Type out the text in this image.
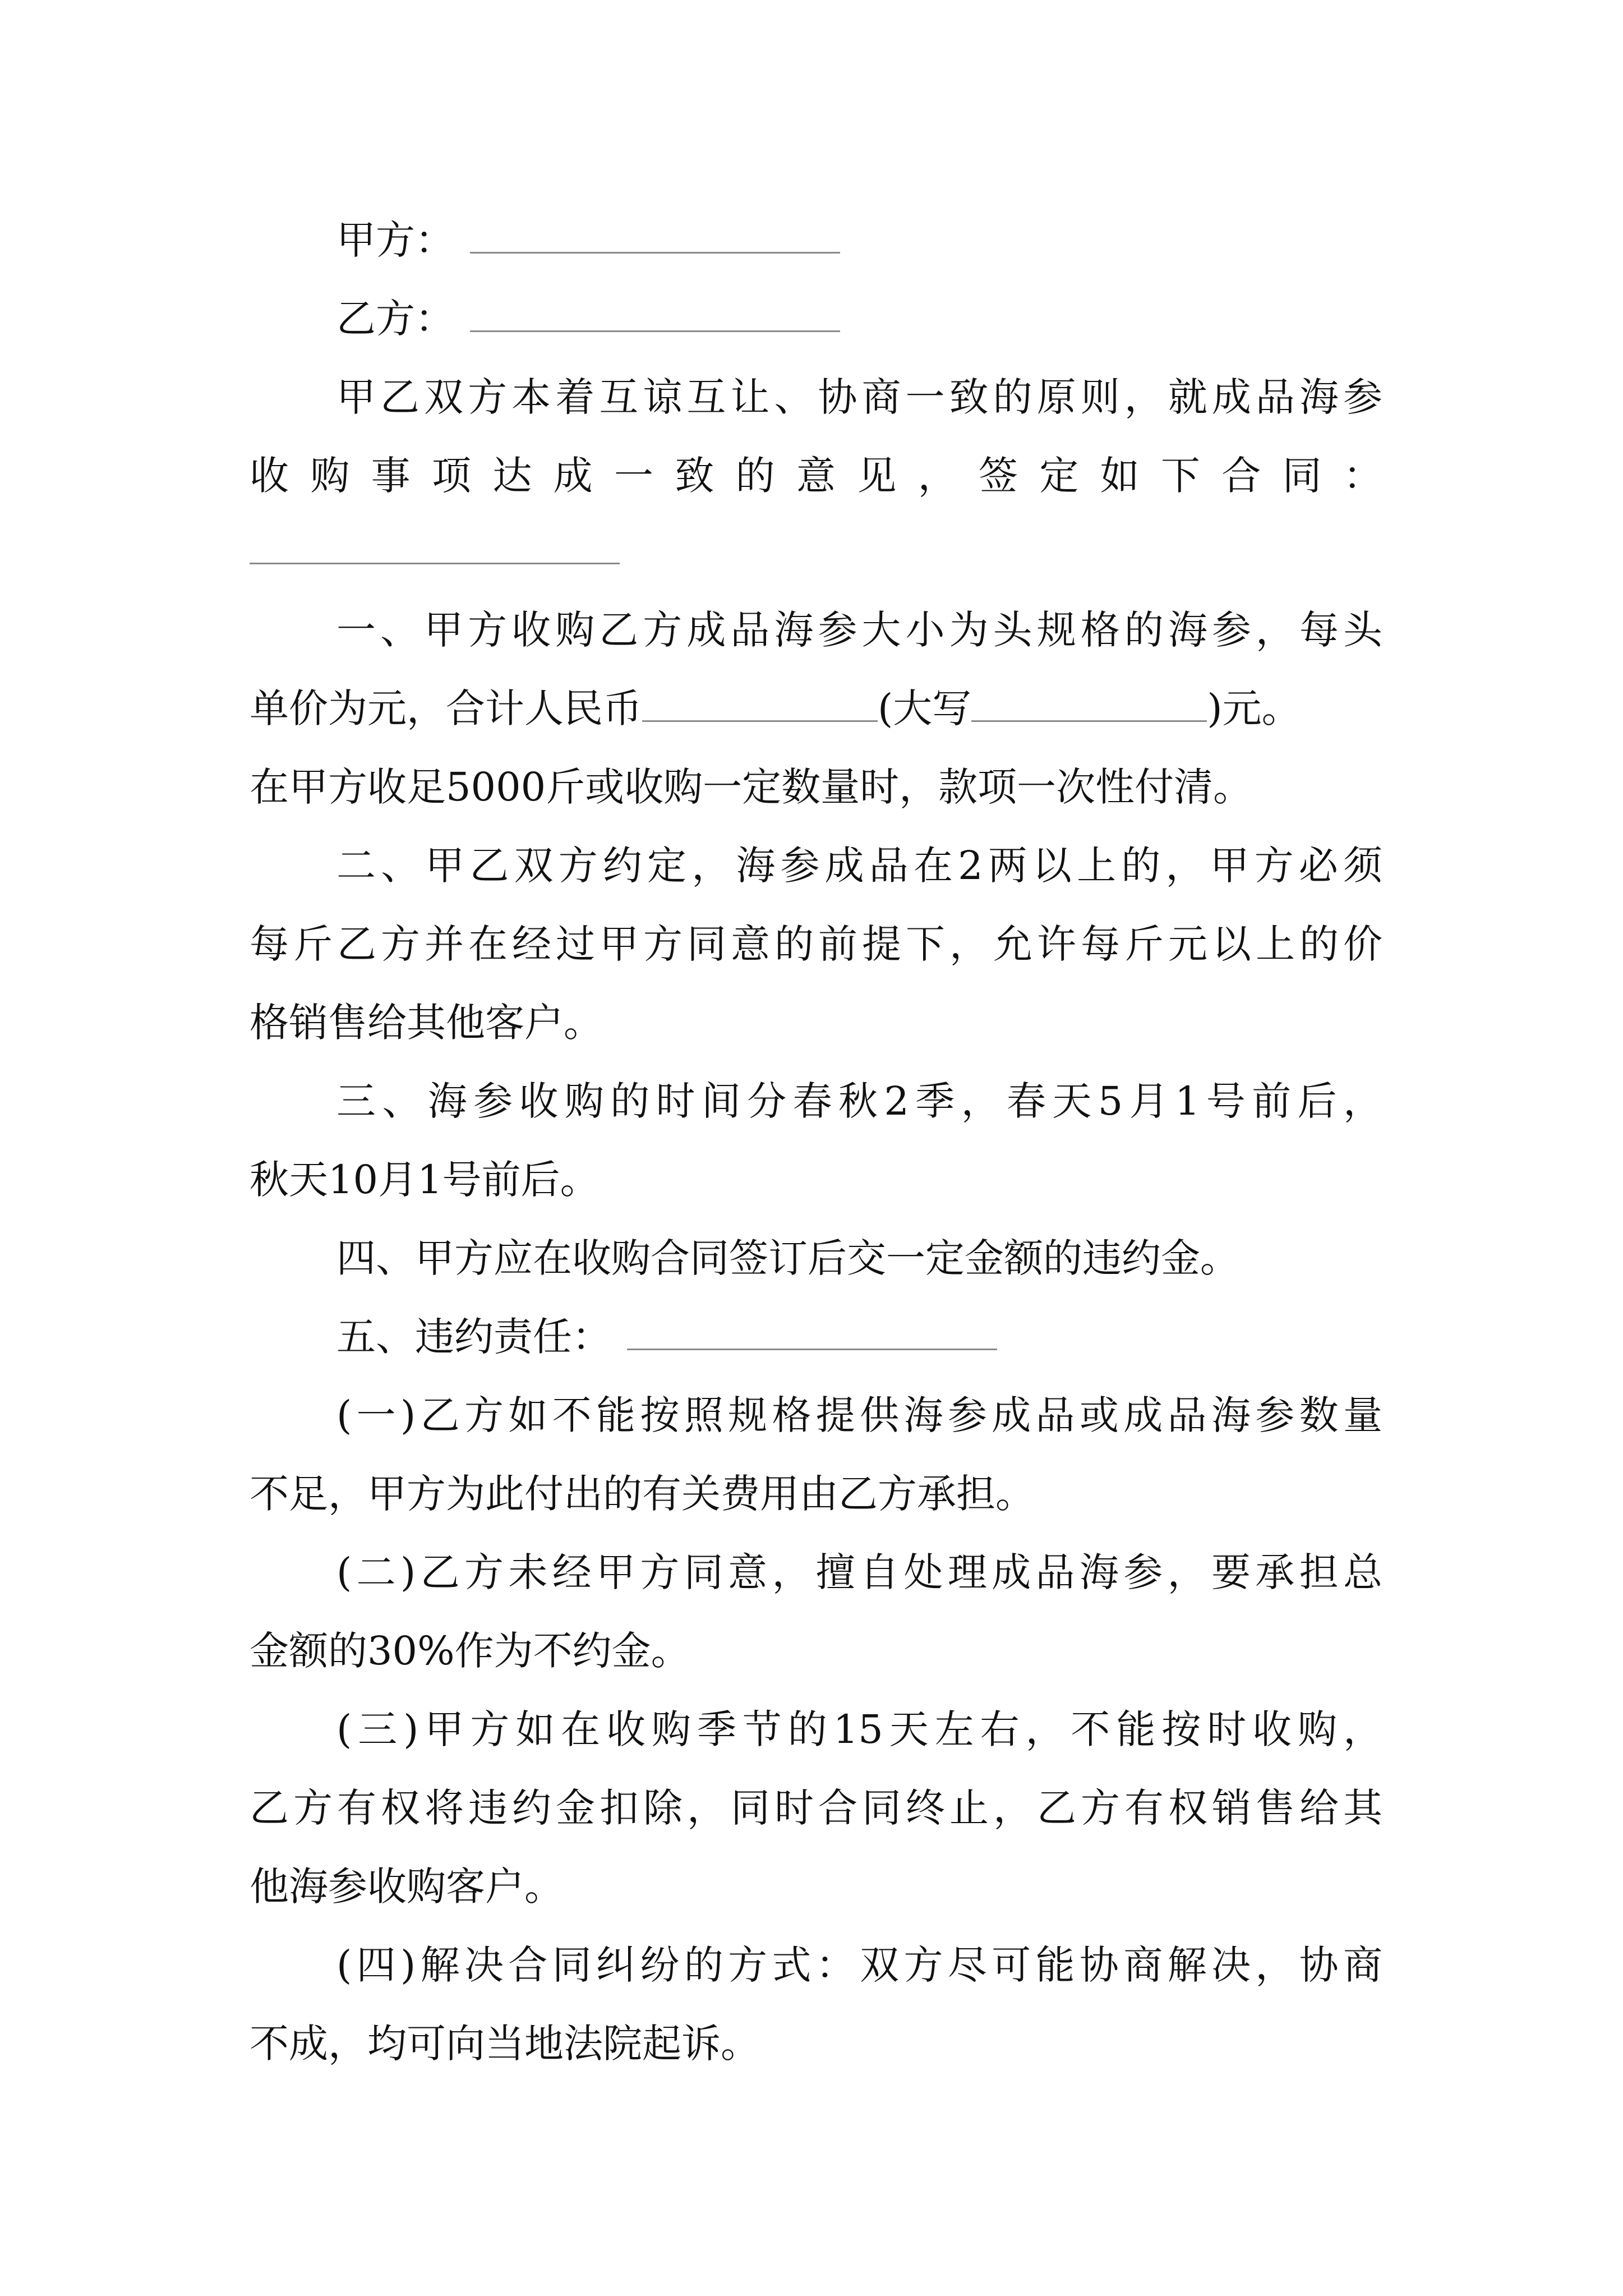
甲方：
乙方：
甲乙双方本着互谅互让、协商一致的原则，就成品海参
收购事项达成一致的意见，签定如下合同：
一、甲方收购乙方成品海参大小为头规格的海参，每头
单价为元，合计人民币	(大写	)元。
在甲方收足5000斤或收购一定数量时，款项一次性付清。
二、甲乙双方约定，海参成品在2两以上的，甲方必须
每斤乙方并在经过甲方同意的前提下，允许每斤元以上的价
格销售给其他客户。
三、海参收购的时间分春秋2季，春天5月1号前后，
秋天10月1号前后。
四、甲方应在收购合同签订后交一定金额的违约金。
五、违约责任：
(一)乙方如不能按照规格提供海参成品或成品海参数量
不足，甲方为此付出的有关费用由乙方承担。
(二)乙方未经甲方同意，擅自处理成品海参，要承担总
金额的30%作为不约金。
(三)甲方如在收购季节的15天左右，不能按时收购，
乙方有权将违约金扣除，同时合同终止，乙方有权销售给其
他海参收购客户。
(四)解决合同纠纷的方式：双方尽可能协商解决，协商
不成，均可向当地法院起诉。
